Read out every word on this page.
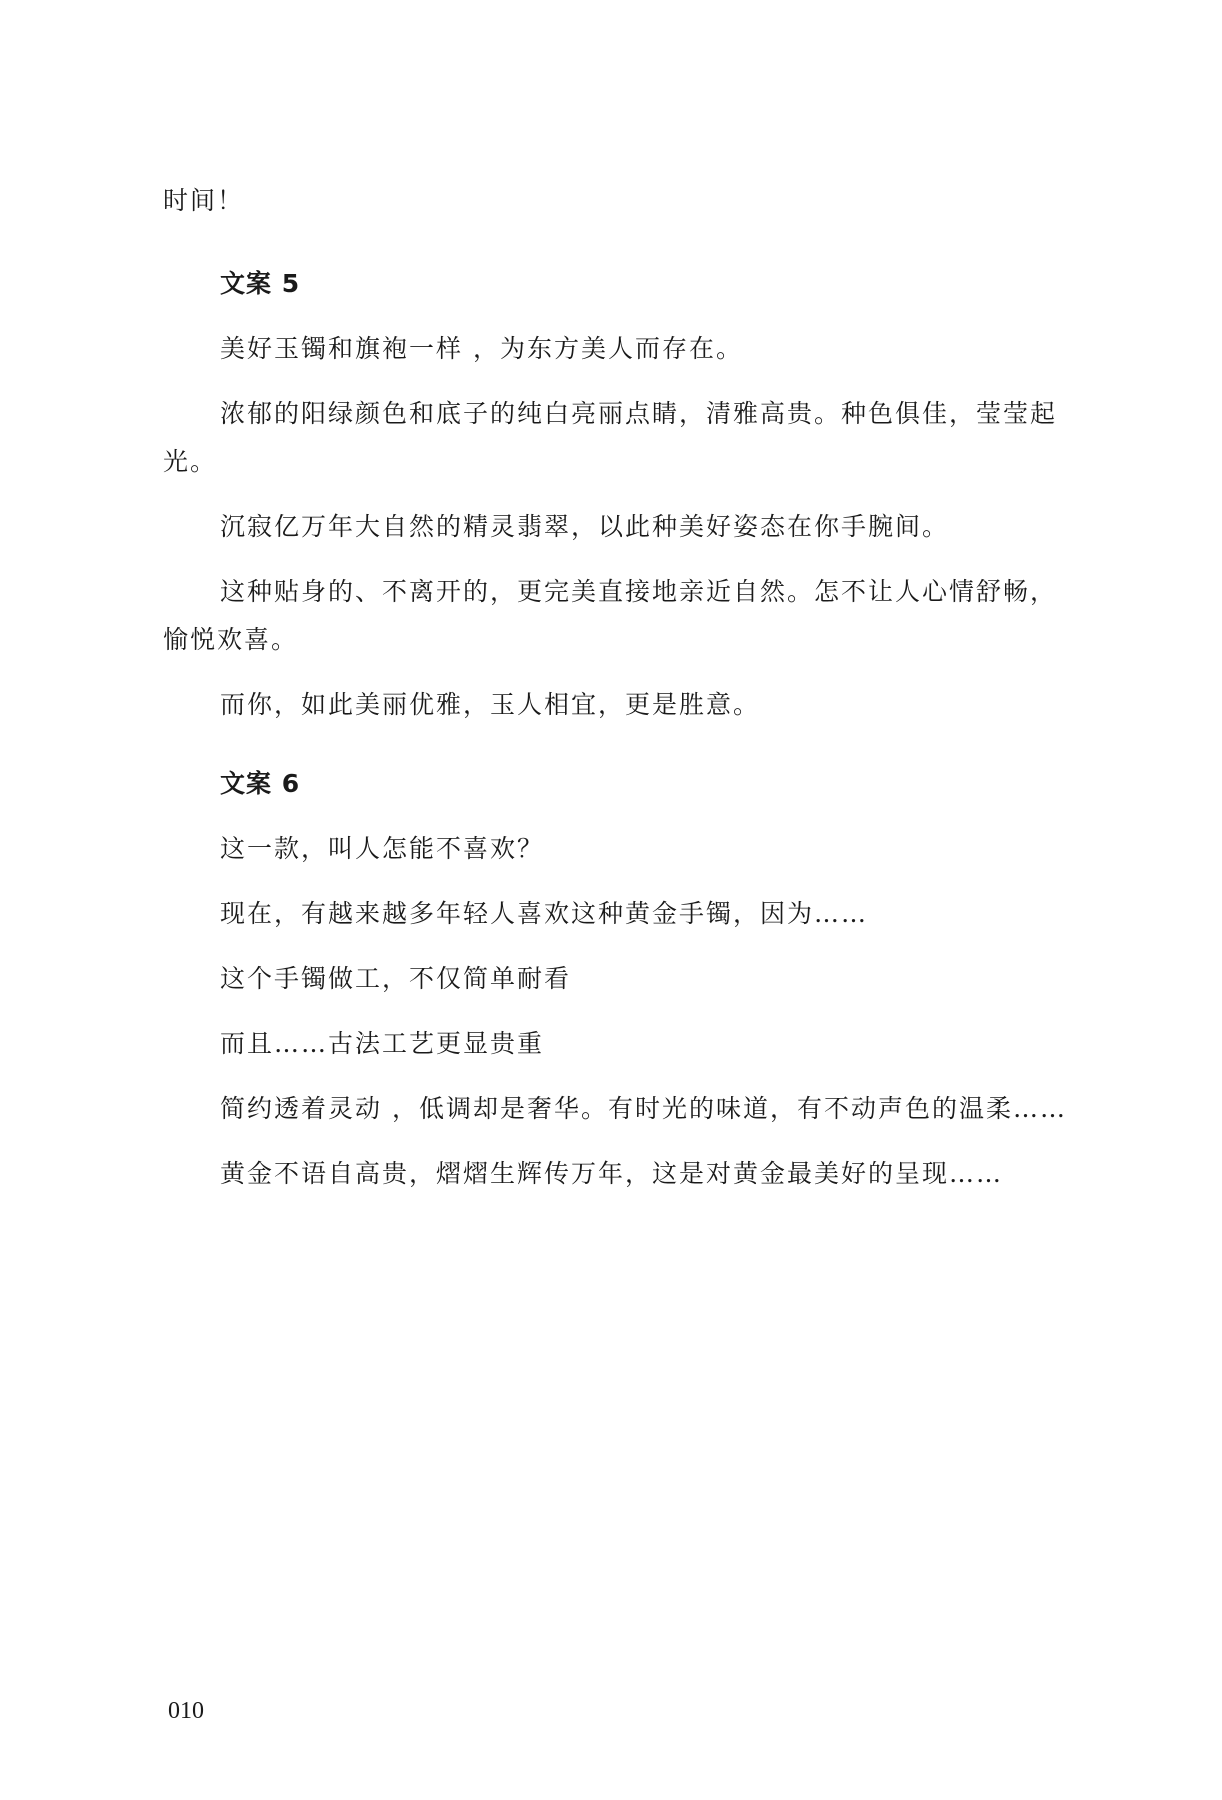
时间！

文案 5

美好玉镯和旗袍一样 ，为东方美人而存在。

浓郁的阳绿颜色和底子的纯白亮丽点睛，清雅高贵。种色俱佳，莹莹起

光。

沉寂亿万年大自然的精灵翡翠，以此种美好姿态在你手腕间。

这种贴身的、不离开的，更完美直接地亲近自然。怎不让人心情舒畅，

愉悦欢喜。

而你，如此美丽优雅，玉人相宜，更是胜意。

文案 6

这一款，叫人怎能不喜欢？

现在，有越来越多年轻人喜欢这种黄金手镯，因为……

这个手镯做工，不仅简单耐看

而且……古法工艺更显贵重

简约透着灵动 ，低调却是奢华。有时光的味道，有不动声色的温柔……

黄金不语自高贵，熠熠生辉传万年，这是对黄金最美好的呈现……

010
